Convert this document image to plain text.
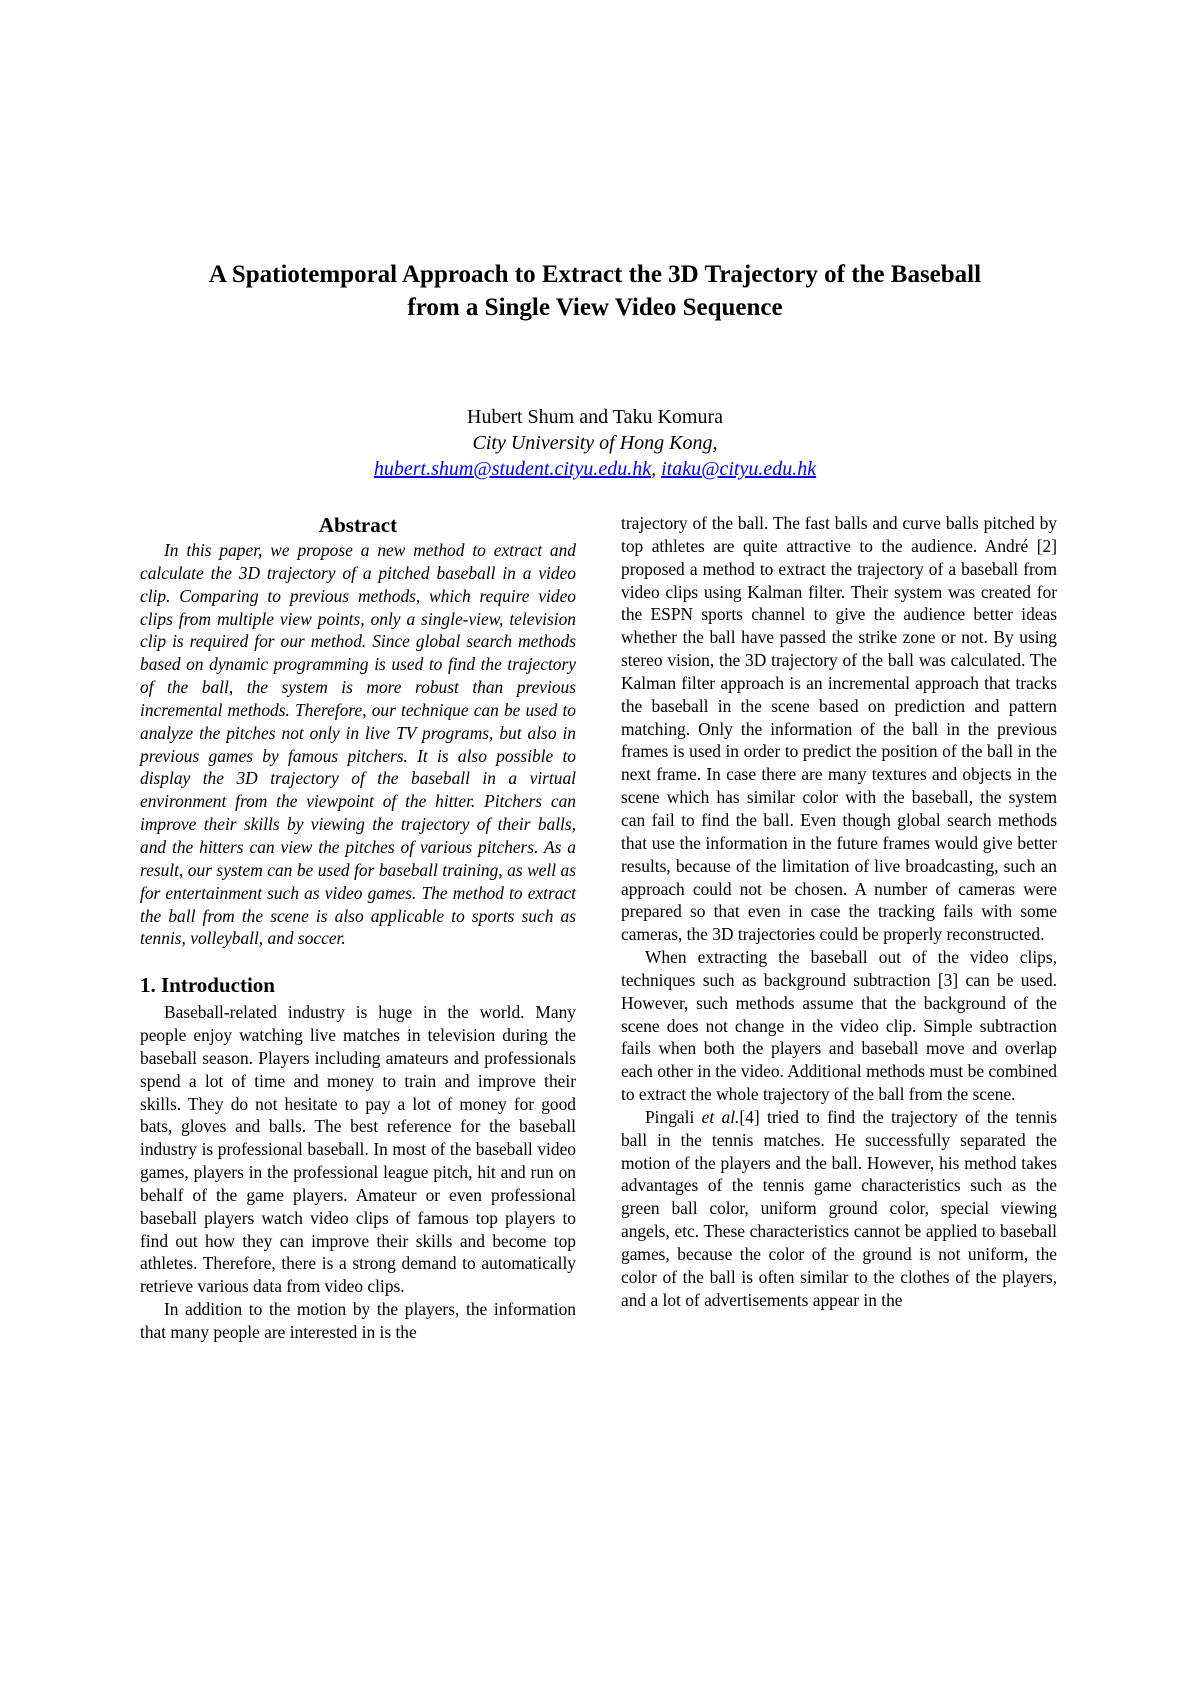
A Spatiotemporal Approach to Extract the 3D Trajectory of the Baseball
from a Single View Video Sequence
Hubert Shum and Taku Komura
City University of Hong Kong,
hubert.shum@student.cityu.edu.hk, itaku@cityu.edu.hk
Abstract

In this paper, we propose a new method to extract and calculate the 3D trajectory of a pitched baseball in a video clip. Comparing to previous methods, which require video clips from multiple view points, only a single-view, television clip is required for our method. Since global search methods based on dynamic programming is used to find the trajectory of the ball, the system is more robust than previous incremental methods. Therefore, our technique can be used to analyze the pitches not only in live TV programs, but also in previous games by famous pitchers. It is also possible to display the 3D trajectory of the baseball in a virtual environment from the viewpoint of the hitter. Pitchers can improve their skills by viewing the trajectory of their balls, and the hitters can view the pitches of various pitchers. As a result, our system can be used for baseball training, as well as for entertainment such as video games. The method to extract the ball from the scene is also applicable to sports such as tennis, volleyball, and soccer.

1. Introduction

Baseball-related industry is huge in the world. Many people enjoy watching live matches in television during the baseball season. Players including amateurs and professionals spend a lot of time and money to train and improve their skills. They do not hesitate to pay a lot of money for good bats, gloves and balls. The best reference for the baseball industry is professional baseball. In most of the baseball video games, players in the professional league pitch, hit and run on behalf of the game players. Amateur or even professional baseball players watch video clips of famous top players to find out how they can improve their skills and become top athletes. Therefore, there is a strong demand to automatically retrieve various data from video clips.

In addition to the motion by the players, the information that many people are interested in is the

trajectory of the ball. The fast balls and curve balls pitched by top athletes are quite attractive to the audience. André [2] proposed a method to extract the trajectory of a baseball from video clips using Kalman filter. Their system was created for the ESPN sports channel to give the audience better ideas whether the ball have passed the strike zone or not. By using stereo vision, the 3D trajectory of the ball was calculated. The Kalman filter approach is an incremental approach that tracks the baseball in the scene based on prediction and pattern matching. Only the information of the ball in the previous frames is used in order to predict the position of the ball in the next frame. In case there are many textures and objects in the scene which has similar color with the baseball, the system can fail to find the ball. Even though global search methods that use the information in the future frames would give better results, because of the limitation of live broadcasting, such an approach could not be chosen. A number of cameras were prepared so that even in case the tracking fails with some cameras, the 3D trajectories could be properly reconstructed.

When extracting the baseball out of the video clips, techniques such as background subtraction [3] can be used. However, such methods assume that the background of the scene does not change in the video clip. Simple subtraction fails when both the players and baseball move and overlap each other in the video. Additional methods must be combined to extract the whole trajectory of the ball from the scene.

Pingali et al.[4] tried to find the trajectory of the tennis ball in the tennis matches. He successfully separated the motion of the players and the ball. However, his method takes advantages of the tennis game characteristics such as the green ball color, uniform ground color, special viewing angels, etc. These characteristics cannot be applied to baseball games, because the color of the ground is not uniform, the color of the ball is often similar to the clothes of the players, and a lot of advertisements appear in the
